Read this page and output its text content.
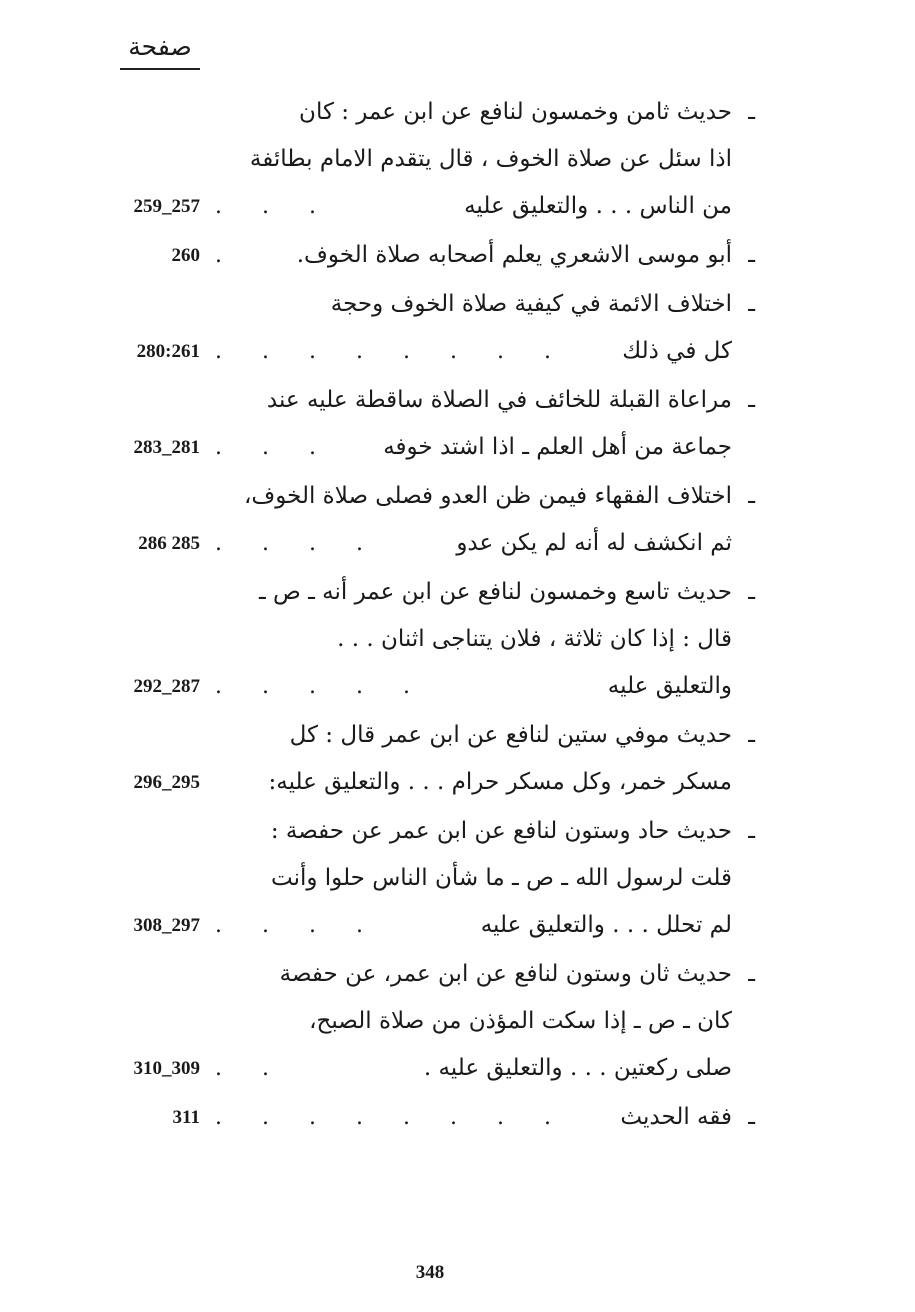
صفحة
ـ
حديث ثامن وخمسون لنافع عن ابن عمر : كان
اذا سئل عن صلاة الخوف ، قال يتقدم الامام بطائفة
من الناس . . . والتعليق عليه
...
259_257
ـ
أبو موسى الاشعري يعلم أصحابه صلاة الخوف.
.
260
ـ
اختلاف الائمة في كيفية صلاة الخوف وحجة
كل في ذلك
........
280:261
ـ
مراعاة القبلة للخائف في الصلاة ساقطة عليه عند
جماعة من أهل العلم ـ اذا اشتد خوفه
...
283_281
ـ
اختلاف الفقهاء فيمن ظن العدو فصلى صلاة الخوف،
ثم انكشف له أنه لم يكن عدو
....
286 285
ـ
حديث تاسع وخمسون لنافع عن ابن عمر أنه ـ ص ـ
قال : إذا كان ثلاثة ، فلان يتناجى اثنان . . .
والتعليق عليه
.....
292_287
ـ
حديث موفي ستين لنافع عن ابن عمر قال : كل
مسكر خمر، وكل مسكر حرام . . . والتعليق عليه:
296_295
ـ
حديث حاد وستون لنافع عن ابن عمر عن حفصة :
قلت لرسول الله ـ ص ـ ما شأن الناس حلوا وأنت
لم تحلل . . . والتعليق عليه
....
308_297
ـ
حديث ثان وستون لنافع عن ابن عمر، عن حفصة
كان ـ ص ـ إذا سكت المؤذن من صلاة الصبح،
صلى ركعتين . . . والتعليق عليه .
..
310_309
ـ
فقه الحديث
........
311
348
